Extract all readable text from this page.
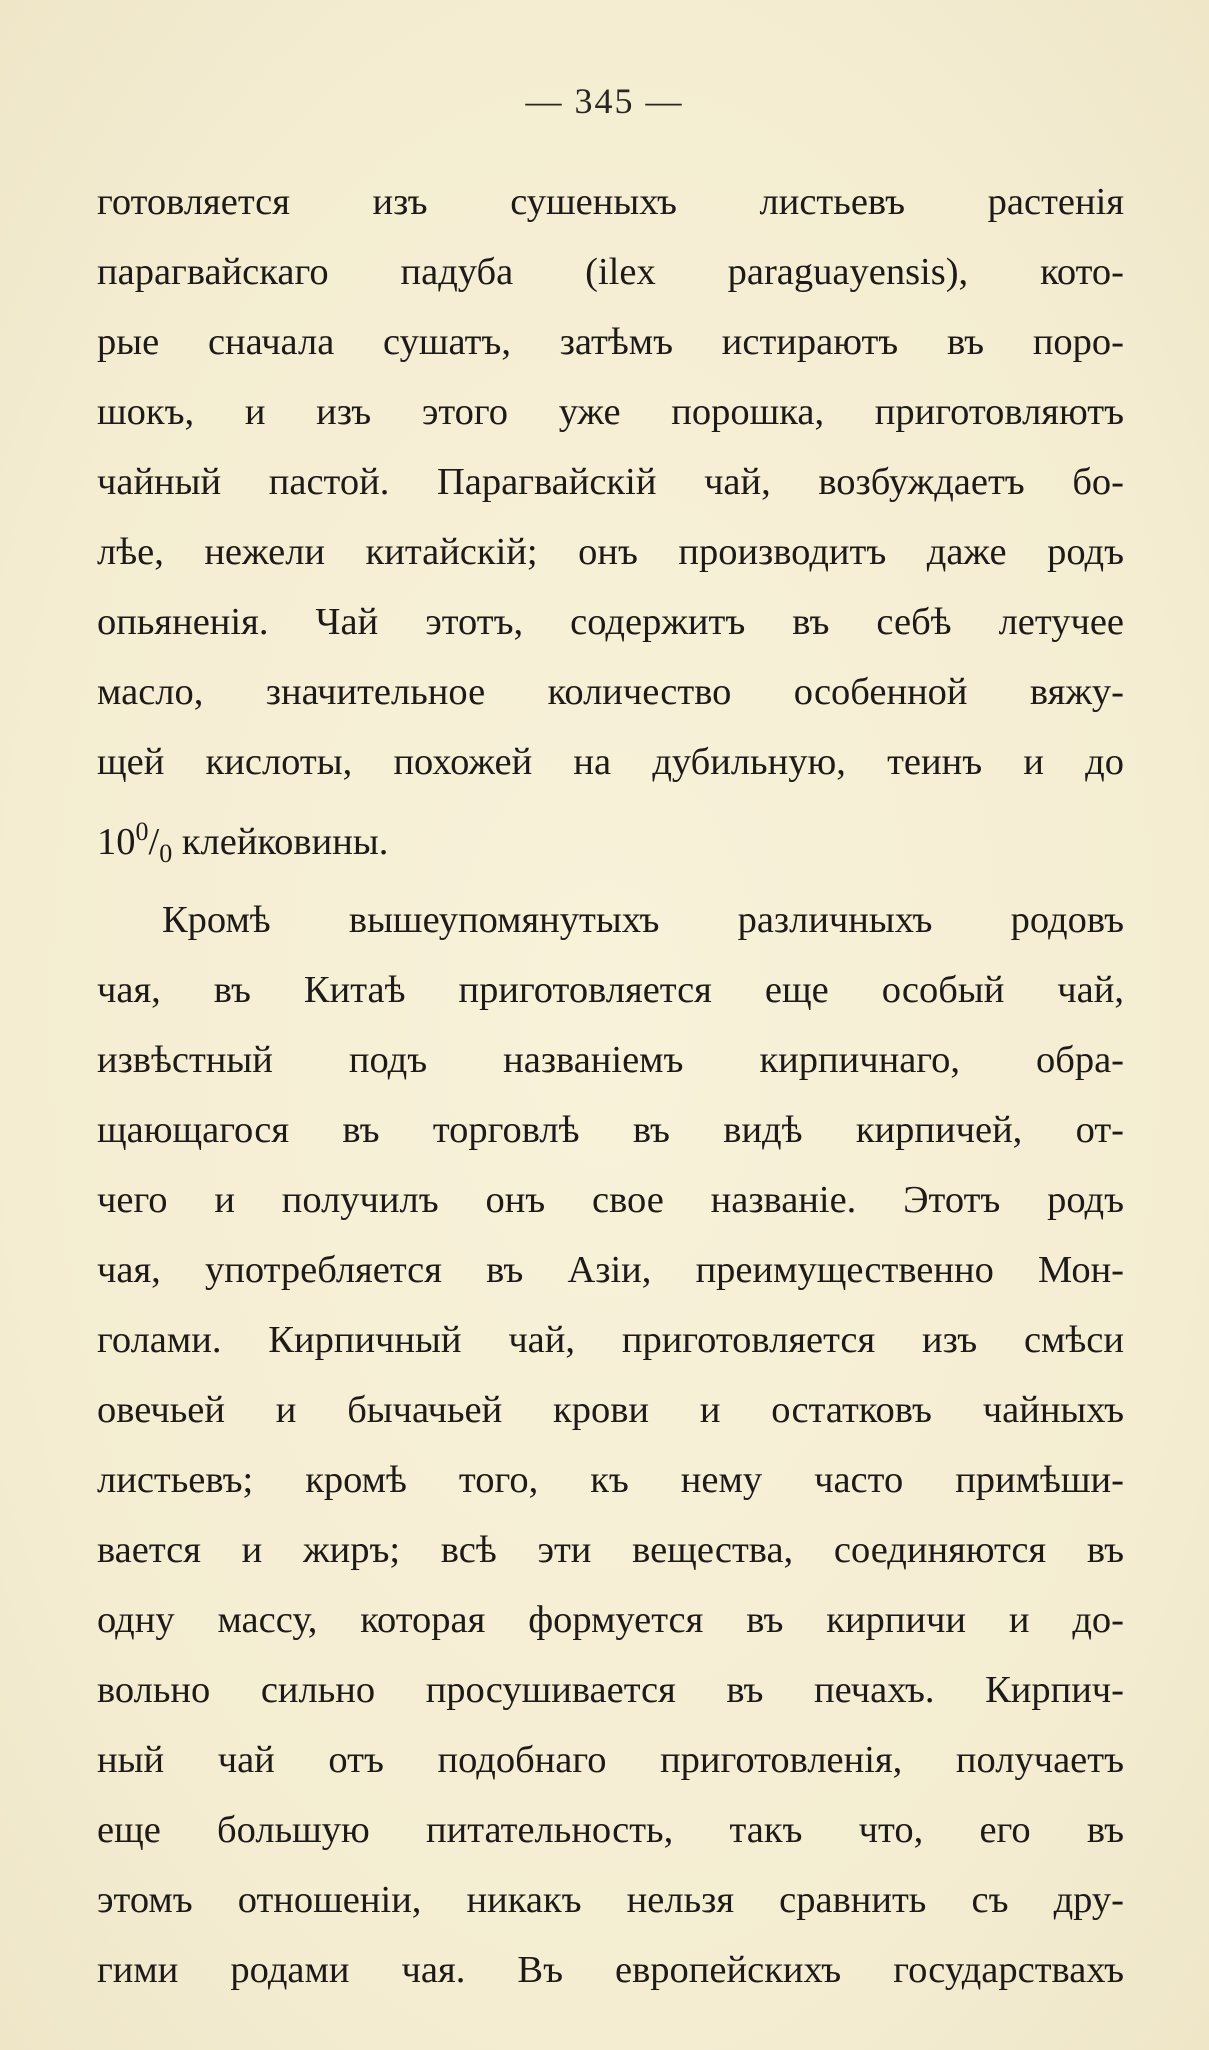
— 345 —
готовляется изъ сушеныхъ листьевъ растенія
парагвайскаго падуба (ilex paraguayensis), кото-
рые сначала сушатъ, затѣмъ истираютъ въ поро-
шокъ, и изъ этого уже порошка, приготовляютъ
чайный пастой. Парагвайскій чай, возбуждаетъ бо-
лѣе, нежели китайскій; онъ производитъ даже родъ
опьяненія. Чай этотъ, содержитъ въ себѣ летучее
масло, значительное количество особенной вяжу-
щей кислоты, похожей на дубильную, теинъ и до
$10^0/_0$ клейковины.
Кромѣ вышеупомянутыхъ различныхъ родовъ
чая, въ Китаѣ приготовляется еще особый чай,
извѣстный подъ названіемъ кирпичнаго, обра-
щающагося въ торговлѣ въ видѣ кирпичей, от-
чего и получилъ онъ свое названіе. Этотъ родъ
чая, употребляется въ Азіи, преимущественно Мон-
голами. Кирпичный чай, приготовляется изъ смѣси
овечьей и бычачьей крови и остатковъ чайныхъ
листьевъ; кромѣ того, къ нему часто примѣши-
вается и жиръ; всѣ эти вещества, соединяются въ
одну массу, которая формуется въ кирпичи и до-
вольно сильно просушивается въ печахъ. Кирпич-
ный чай отъ подобнаго приготовленія, получаетъ
еще большую питательность, такъ что, его въ
этомъ отношеніи, никакъ нельзя сравнить съ дру-
гими родами чая. Въ европейскихъ государствахъ
